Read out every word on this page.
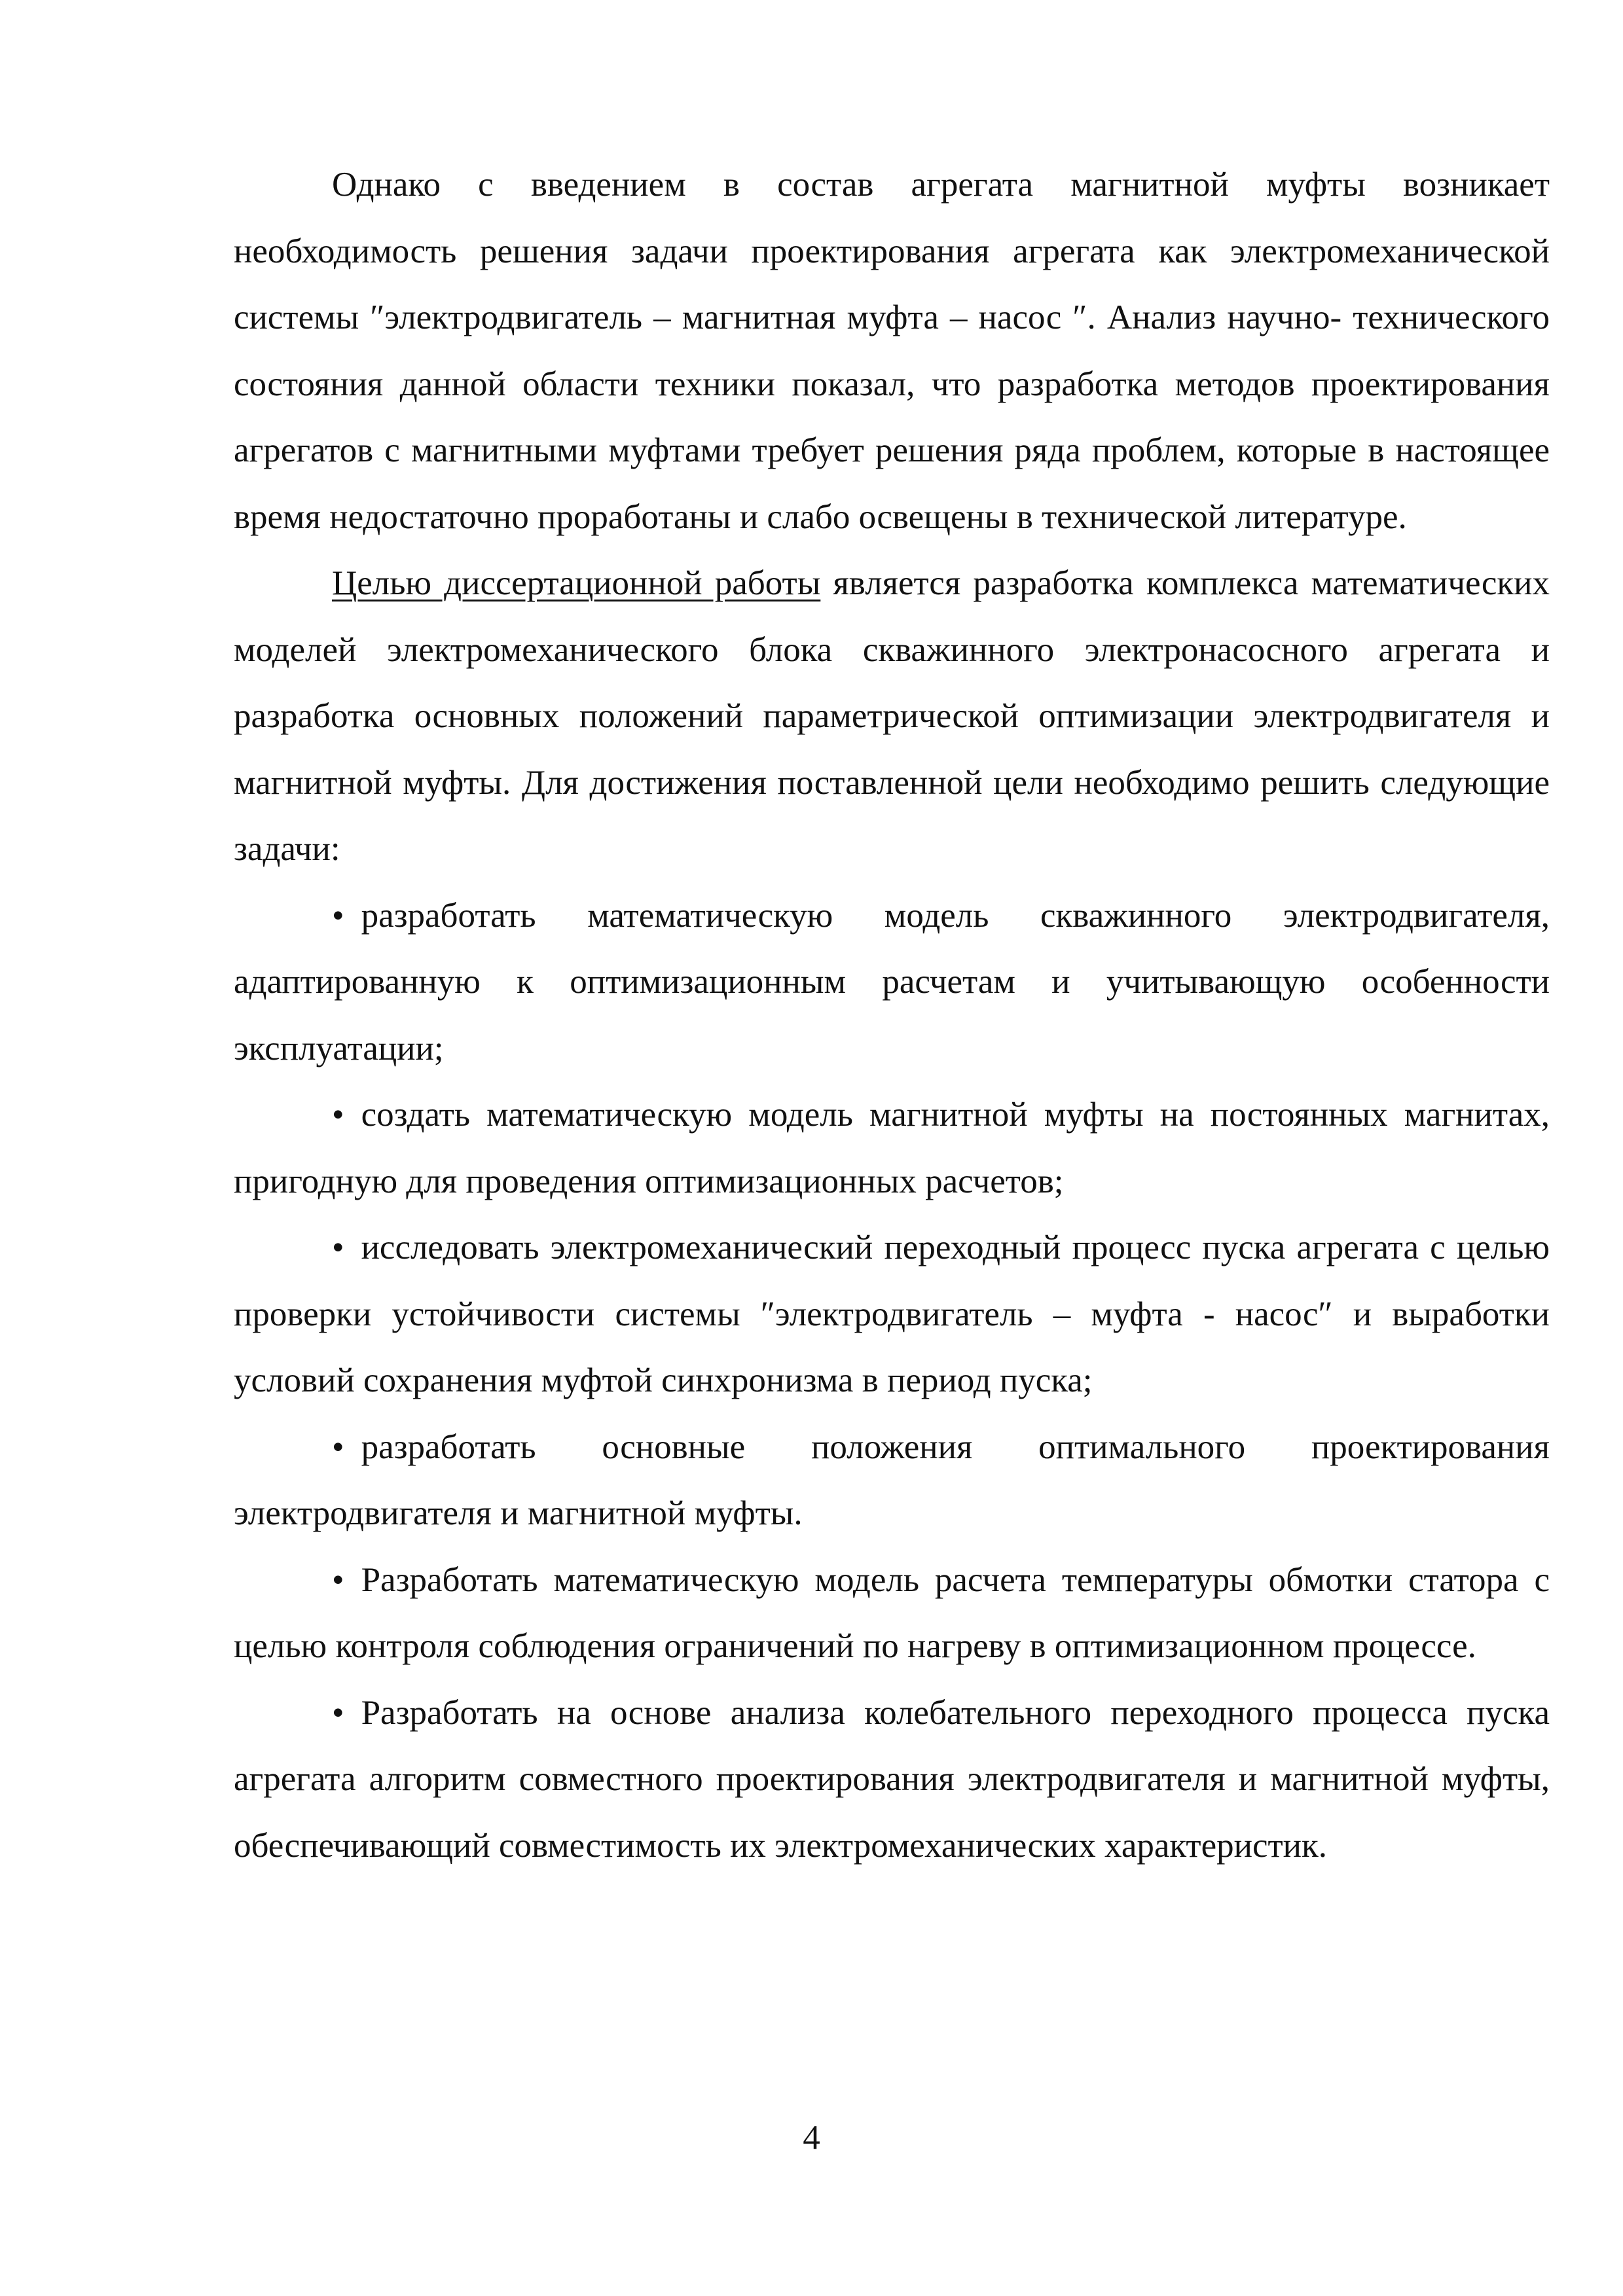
Однако с введением в состав агрегата магнитной муфты возникает необходимость решения задачи проектирования агрегата как электромеханической системы ″электродвигатель – магнитная муфта – насос ″. Анализ научно- технического состояния данной области техники показал, что разработка методов проектирования агрегатов с магнитными муфтами требует решения ряда проблем, которые в настоящее время недостаточно проработаны и слабо освещены в технической литературе.

Целью диссертационной работы является разработка комплекса математических моделей электромеханического блока скважинного электронасосного агрегата и разработка основных положений параметрической оптимизации электродвигателя и магнитной муфты. Для достижения поставленной цели необходимо решить следующие задачи:

• разработать математическую модель скважинного электродвигателя, адаптированную к оптимизационным расчетам и учитывающую особенности эксплуатации;

• создать математическую модель магнитной муфты на постоянных магнитах, пригодную для проведения оптимизационных расчетов;

• исследовать электромеханический переходный процесс пуска агрегата с целью проверки устойчивости системы ″электродвигатель – муфта - насос″ и выработки условий сохранения муфтой синхронизма в период пуска;

• разработать основные положения оптимального проектирования электродвигателя и магнитной муфты.

• Разработать математическую модель расчета температуры обмотки статора с целью контроля соблюдения ограничений по нагреву в оптимизационном процессе.

• Разработать на основе анализа колебательного переходного процесса пуска агрегата алгоритм совместного проектирования электродвигателя и магнитной муфты, обеспечивающий совместимость их электромеханических характеристик.

4
